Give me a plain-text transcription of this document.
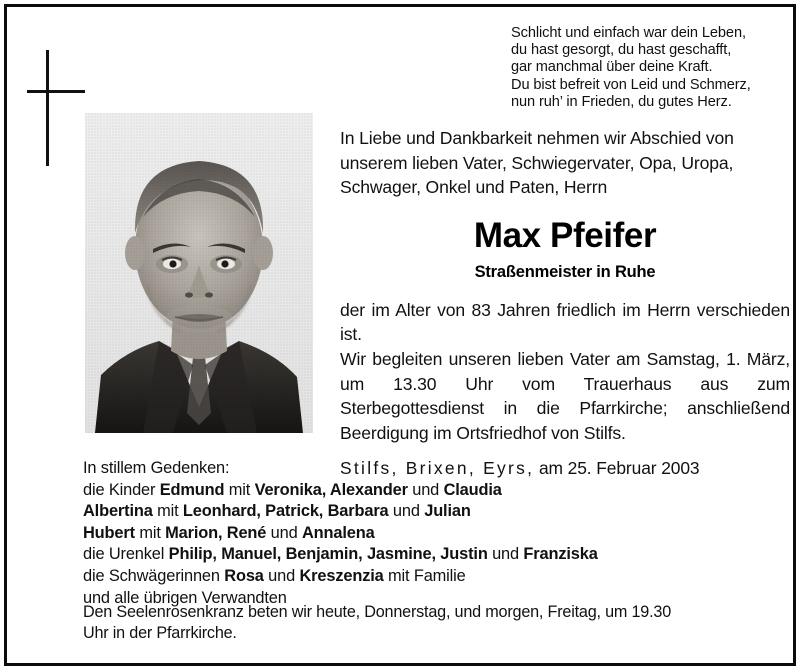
Schlicht und einfach war dein Leben,
du hast gesorgt, du hast geschafft,
gar manchmal über deine Kraft.
Du bist befreit von Leid und Schmerz,
nun ruh’ in Frieden, du gutes Herz.
In Liebe und Dankbarkeit nehmen wir Abschied von
unserem lieben Vater, Schwiegervater, Opa, Uropa,
Schwager, Onkel und Paten, Herrn
Max Pfeifer
Straßenmeister in Ruhe

der im Alter von 83 Jahren friedlich im Herrn verschieden ist.

Wir begleiten unseren lieben Vater am Samstag, 1. März, um 13.30 Uhr vom Trauerhaus aus zum Sterbegottesdienst in die Pfarrkirche; anschließend Beerdigung im Ortsfriedhof von Stilfs.

Stilfs, Brixen, Eyrs, am 25. Februar 2003
In stillem Gedenken:
die Kinder Edmund mit Veronika, Alexander und Claudia
Albertina mit Leonhard, Patrick, Barbara und Julian
Hubert mit Marion, René und Annalena
die Urenkel Philip, Manuel, Benjamin, Jasmine, Justin und Franziska
die Schwägerinnen Rosa und Kreszenzia mit Familie
und alle übrigen Verwandten
Den Seelenrosenkranz beten wir heute, Donnerstag, und morgen, Freitag, um 19.30
Uhr in der Pfarrkirche.
